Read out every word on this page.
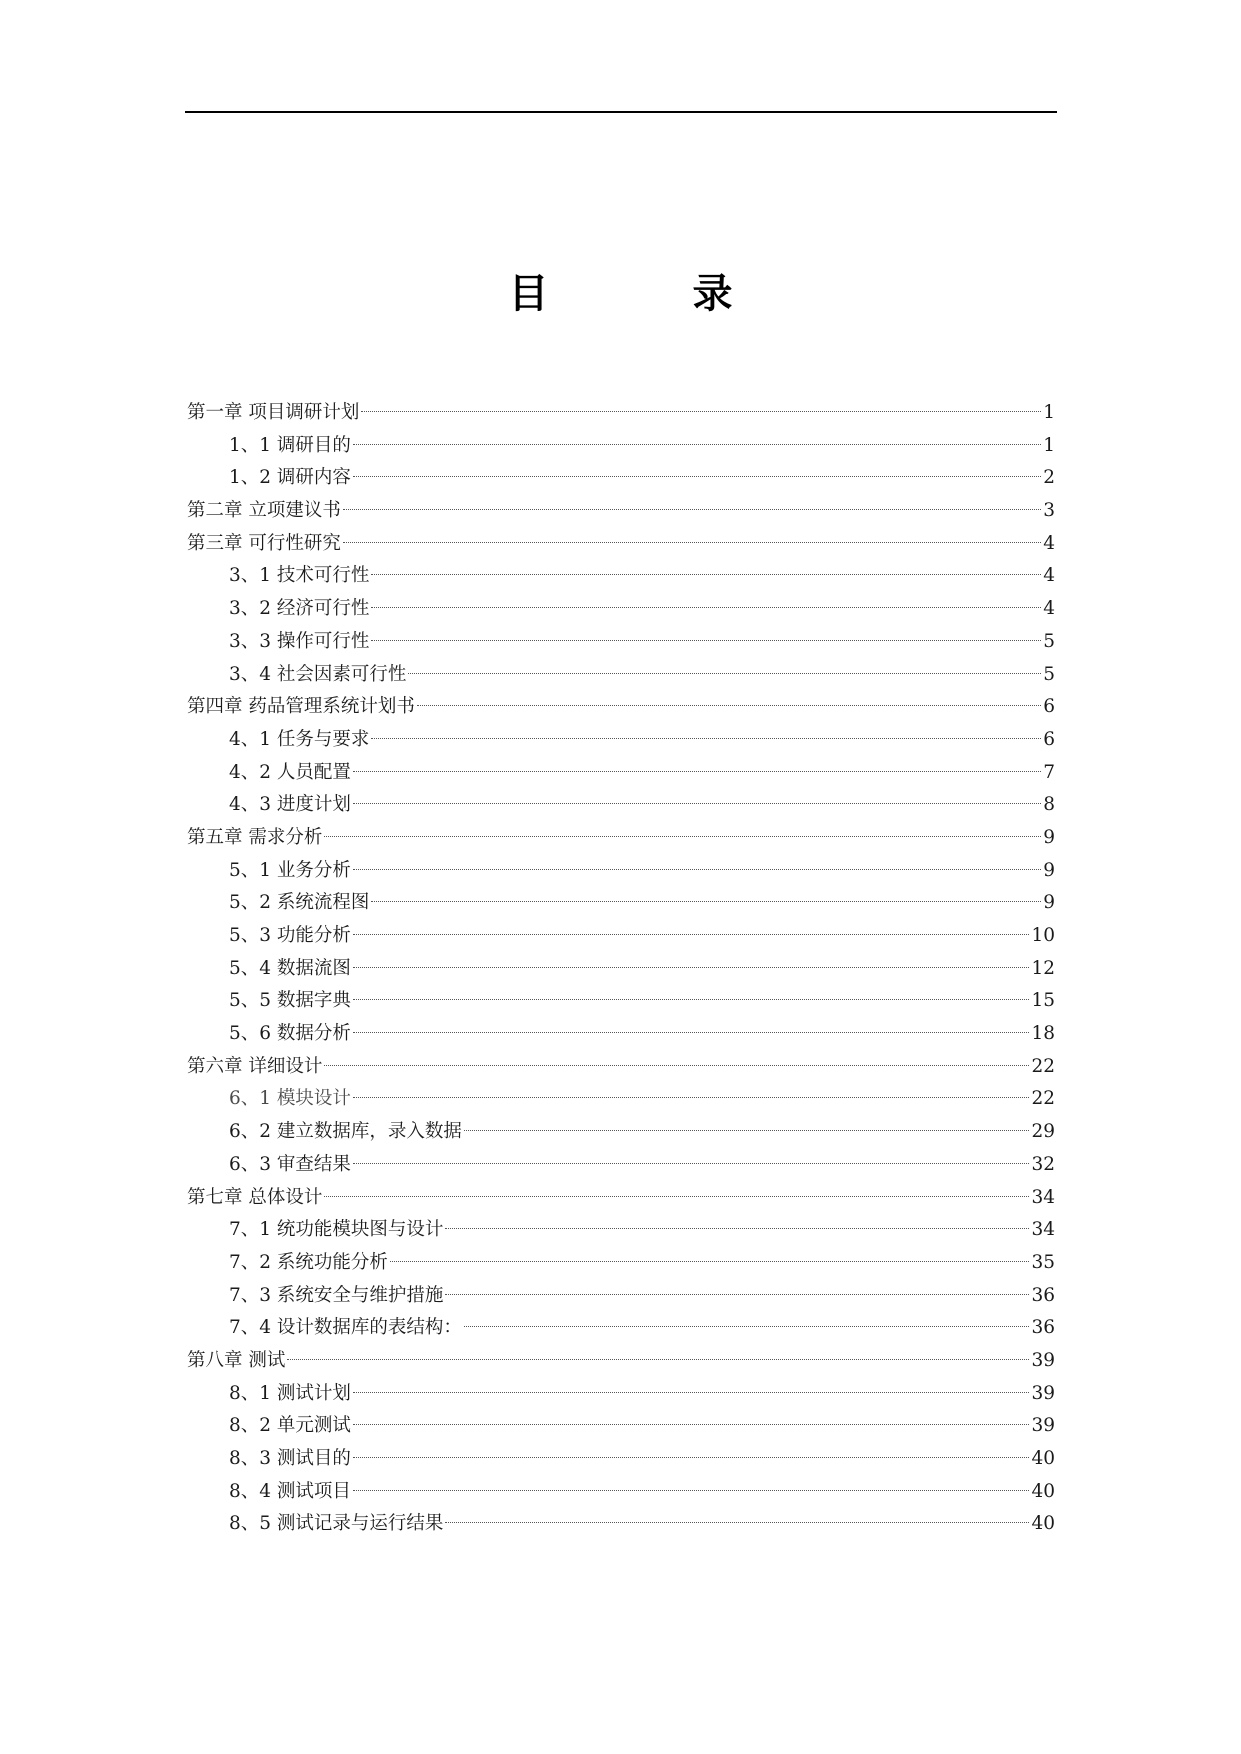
目　录
第一章 项目调研计划	1
1、1 调研目的	1
1、2 调研内容	2
第二章 立项建议书	3
第三章 可行性研究	4
3、1 技术可行性	4
3、2 经济可行性	4
3、3 操作可行性	5
3、4 社会因素可行性	5
第四章 药品管理系统计划书	6
4、1 任务与要求	6
4、2 人员配置	7
4、3 进度计划	8
第五章 需求分析	9
5、1 业务分析	9
5、2 系统流程图	9
5、3 功能分析	10
5、4 数据流图	12
5、5 数据字典	15
5、6 数据分析	18
第六章 详细设计	22
6、1 模块设计	22
6、2 建立数据库，录入数据	29
6、3 审查结果	32
第七章 总体设计	34
7、1 统功能模块图与设计	34
7、2 系统功能分析	35
7、3 系统安全与维护措施	36
7、4 设计数据库的表结构：	36
第八章 测试	39
8、1 测试计划	39
8、2 单元测试	39
8、3 测试目的	40
8、4 测试项目	40
8、5 测试记录与运行结果	40
